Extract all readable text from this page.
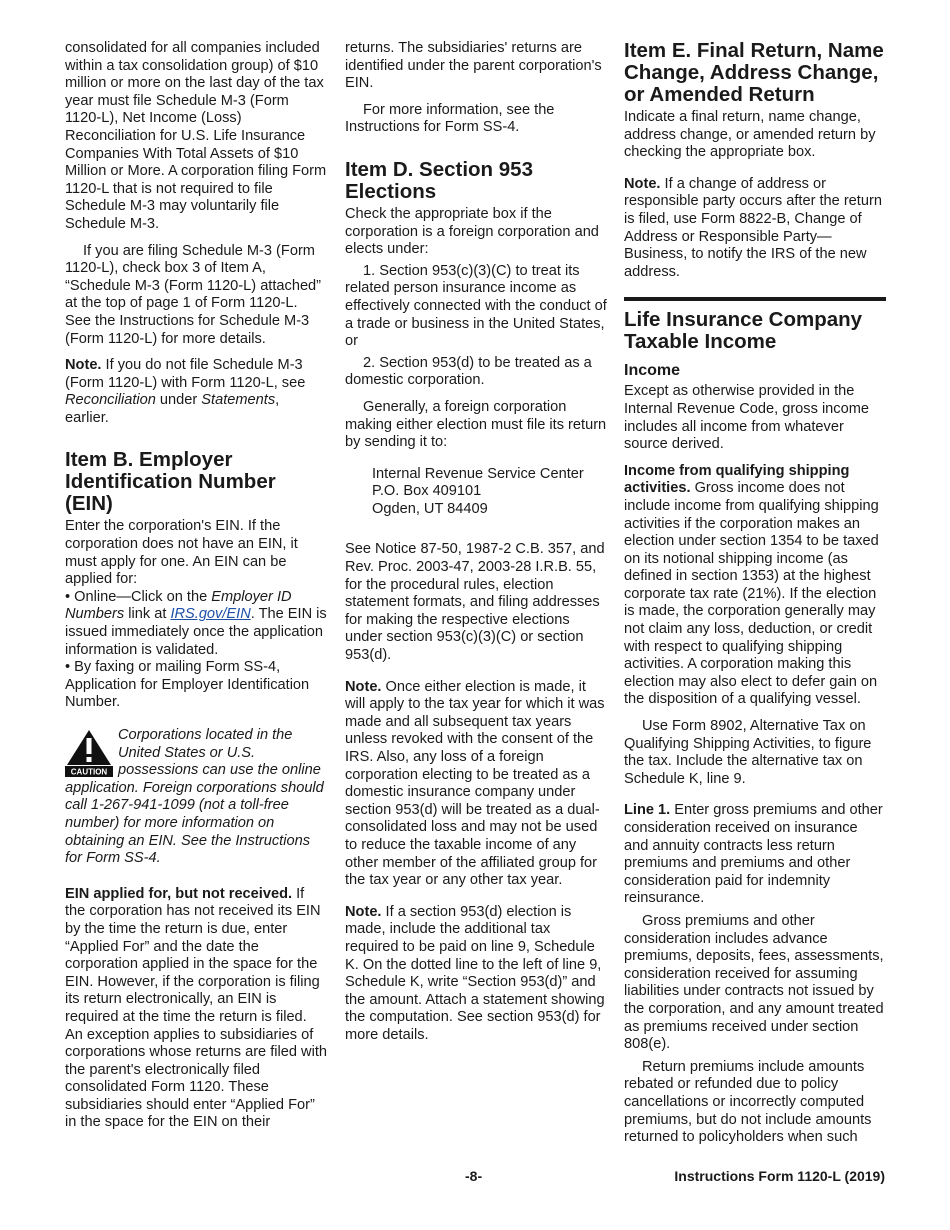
consolidated for all companies included within a tax consolidation group) of $10 million or more on the last day of the tax year must file Schedule M-3 (Form 1120-L), Net Income (Loss) Reconciliation for U.S. Life Insurance Companies With Total Assets of $10 Million or More. A corporation filing Form 1120-L that is not required to file Schedule M-3 may voluntarily file Schedule M-3.

If you are filing Schedule M-3 (Form 1120-L), check box 3 of Item A, “Schedule M-3 (Form 1120-L) attached” at the top of page 1 of Form 1120-L. See the Instructions for Schedule M-3 (Form 1120-L) for more details.

Note. If you do not file Schedule M-3 (Form 1120-L) with Form 1120-L, see Reconciliation under Statements, earlier.

Item B. Employer Identification Number (EIN)

Enter the corporation's EIN. If the corporation does not have an EIN, it must apply for one. An EIN can be applied for:

• Online—Click on the Employer ID Numbers link at IRS.gov/EIN. The EIN is issued immediately once the application information is validated.

• By faxing or mailing Form SS-4, Application for Employer Identification Number.

CAUTION
Corporations located in the United States or U.S. possessions can use the online application. Foreign corporations should call 1-267-941-1099 (not a toll-free number) for more information on obtaining an EIN. See the Instructions for Form SS-4.

EIN applied for, but not received. If the corporation has not received its EIN by the time the return is due, enter “Applied For” and the date the corporation applied in the space for the EIN. However, if the corporation is filing its return electronically, an EIN is required at the time the return is filed. An exception applies to subsidiaries of corporations whose returns are filed with the parent's electronically filed consolidated Form 1120. These subsidiaries should enter “Applied For” in the space for the EIN on their

returns. The subsidiaries' returns are identified under the parent corporation's EIN.

For more information, see the Instructions for Form SS-4.

Item D. Section 953 Elections

Check the appropriate box if the corporation is a foreign corporation and elects under:

1. Section 953(c)(3)(C) to treat its related person insurance income as effectively connected with the conduct of a trade or business in the United States, or

2. Section 953(d) to be treated as a domestic corporation.

Generally, a foreign corporation making either election must file its return by sending it to:

Internal Revenue Service Center
P.O. Box 409101
Ogden, UT 84409

See Notice 87-50, 1987-2 C.B. 357, and Rev. Proc. 2003-47, 2003-28 I.R.B. 55, for the procedural rules, election statement formats, and filing addresses for making the respective elections under section 953(c)(3)(C) or section 953(d).

Note. Once either election is made, it will apply to the tax year for which it was made and all subsequent tax years unless revoked with the consent of the IRS. Also, any loss of a foreign corporation electing to be treated as a domestic insurance company under section 953(d) will be treated as a dual-consolidated loss and may not be used to reduce the taxable income of any other member of the affiliated group for the tax year or any other tax year.

Note. If a section 953(d) election is made, include the additional tax required to be paid on line 9, Schedule K. On the dotted line to the left of line 9, Schedule K, write “Section 953(d)” and the amount. Attach a statement showing the computation. See section 953(d) for more details.

Item E. Final Return, Name Change, Address Change, or Amended Return

Indicate a final return, name change, address change, or amended return by checking the appropriate box.

Note. If a change of address or responsible party occurs after the return is filed, use Form 8822-B, Change of Address or Responsible Party—Business, to notify the IRS of the new address.

Life Insurance Company Taxable Income
Income

Except as otherwise provided in the Internal Revenue Code, gross income includes all income from whatever source derived.

Income from qualifying shipping activities. Gross income does not include income from qualifying shipping activities if the corporation makes an election under section 1354 to be taxed on its notional shipping income (as defined in section 1353) at the highest corporate tax rate (21%). If the election is made, the corporation generally may not claim any loss, deduction, or credit with respect to qualifying shipping activities. A corporation making this election may also elect to defer gain on the disposition of a qualifying vessel.

Use Form 8902, Alternative Tax on Qualifying Shipping Activities, to figure the tax. Include the alternative tax on Schedule K, line 9.

Line 1. Enter gross premiums and other consideration received on insurance and annuity contracts less return premiums and premiums and other consideration paid for indemnity reinsurance.

Gross premiums and other consideration includes advance premiums, deposits, fees, assessments, consideration received for assuming liabilities under contracts not issued by the corporation, and any amount treated as premiums received under section 808(e).

Return premiums include amounts rebated or refunded due to policy cancellations or incorrectly computed premiums, but do not include amounts returned to policyholders when such

-8-	Instructions Form 1120-L (2019)
